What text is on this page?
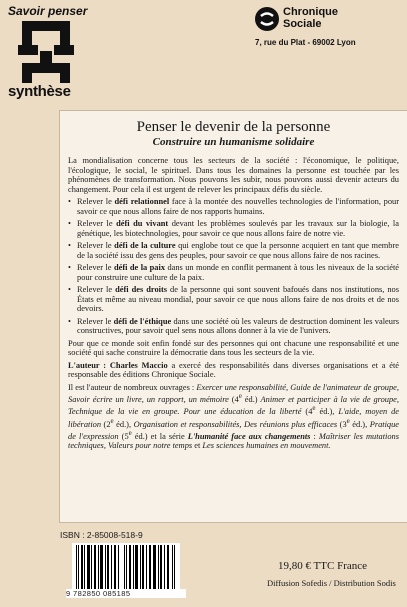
Savoir penser
synthèse
Chronique
Sociale
7, rue du Plat - 69002 Lyon
Penser le devenir de la personne
Construire un humanisme solidaire

La mondialisation concerne tous les secteurs de la société : l'économique, le politique, l'écologique, le social, le spirituel. Dans tous les domaines la personne est touchée par les phénomènes de transformation. Nous pouvons les subir, nous pouvons aussi devenir acteurs du changement. Pour cela il est urgent de relever les principaux défis du siècle.

• Relever le défi relationnel face à la montée des nouvelles technologies de l'information, pour savoir ce que nous allons faire de nos rapports humains.
• Relever le défi du vivant devant les problèmes soulevés par les travaux sur la biologie, la génétique, les biotechnologies, pour savoir ce que nous allons faire de notre vie.
• Relever le défi de la culture qui englobe tout ce que la personne acquiert en tant que membre de la société issu des gens des peuples, pour savoir ce que nous allons faire de nos racines.
• Relever le défi de la paix dans un monde en conflit permanent à tous les niveaux de la société pour construire une culture de la paix.
• Relever le défi des droits de la personne qui sont souvent bafoués dans nos institutions, nos États et même au niveau mondial, pour savoir ce que nous allons faire de nos droits et de nos devoirs.
• Relever le défi de l'éthique dans une société où les valeurs de destruction dominent les valeurs constructives, pour savoir quel sens nous allons donner à la vie de l'univers.

Pour que ce monde soit enfin fondé sur des personnes qui ont chacune une responsabilité et une société qui sache construire la démocratie dans tous les secteurs de la vie.

L'auteur : Charles Maccio a exercé des responsabilités dans diverses organisations et a été responsable des éditions Chronique Sociale.

Il est l'auteur de nombreux ouvrages : Exercer une responsabilité, Guide de l'animateur de groupe, Savoir écrire un livre, un rapport, un mémoire (4e éd.) Animer et participer à la vie de groupe, Technique de la vie en groupe. Pour une éducation de la liberté (4e éd.), L'aide, moyen de libération (2e éd.), Organisation et responsabilités, Des réunions plus efficaces (3e éd.), Pratique de l'expression (5e éd.) et la série L'humanité face aux changements : Maîtriser les mutations techniques, Valeurs pour notre temps et Les sciences humaines en mouvement.

ISBN : 2-85008-518-9
9 782850 085185
19,80 € TTC France
Diffusion Sofedis / Distribution Sodis
